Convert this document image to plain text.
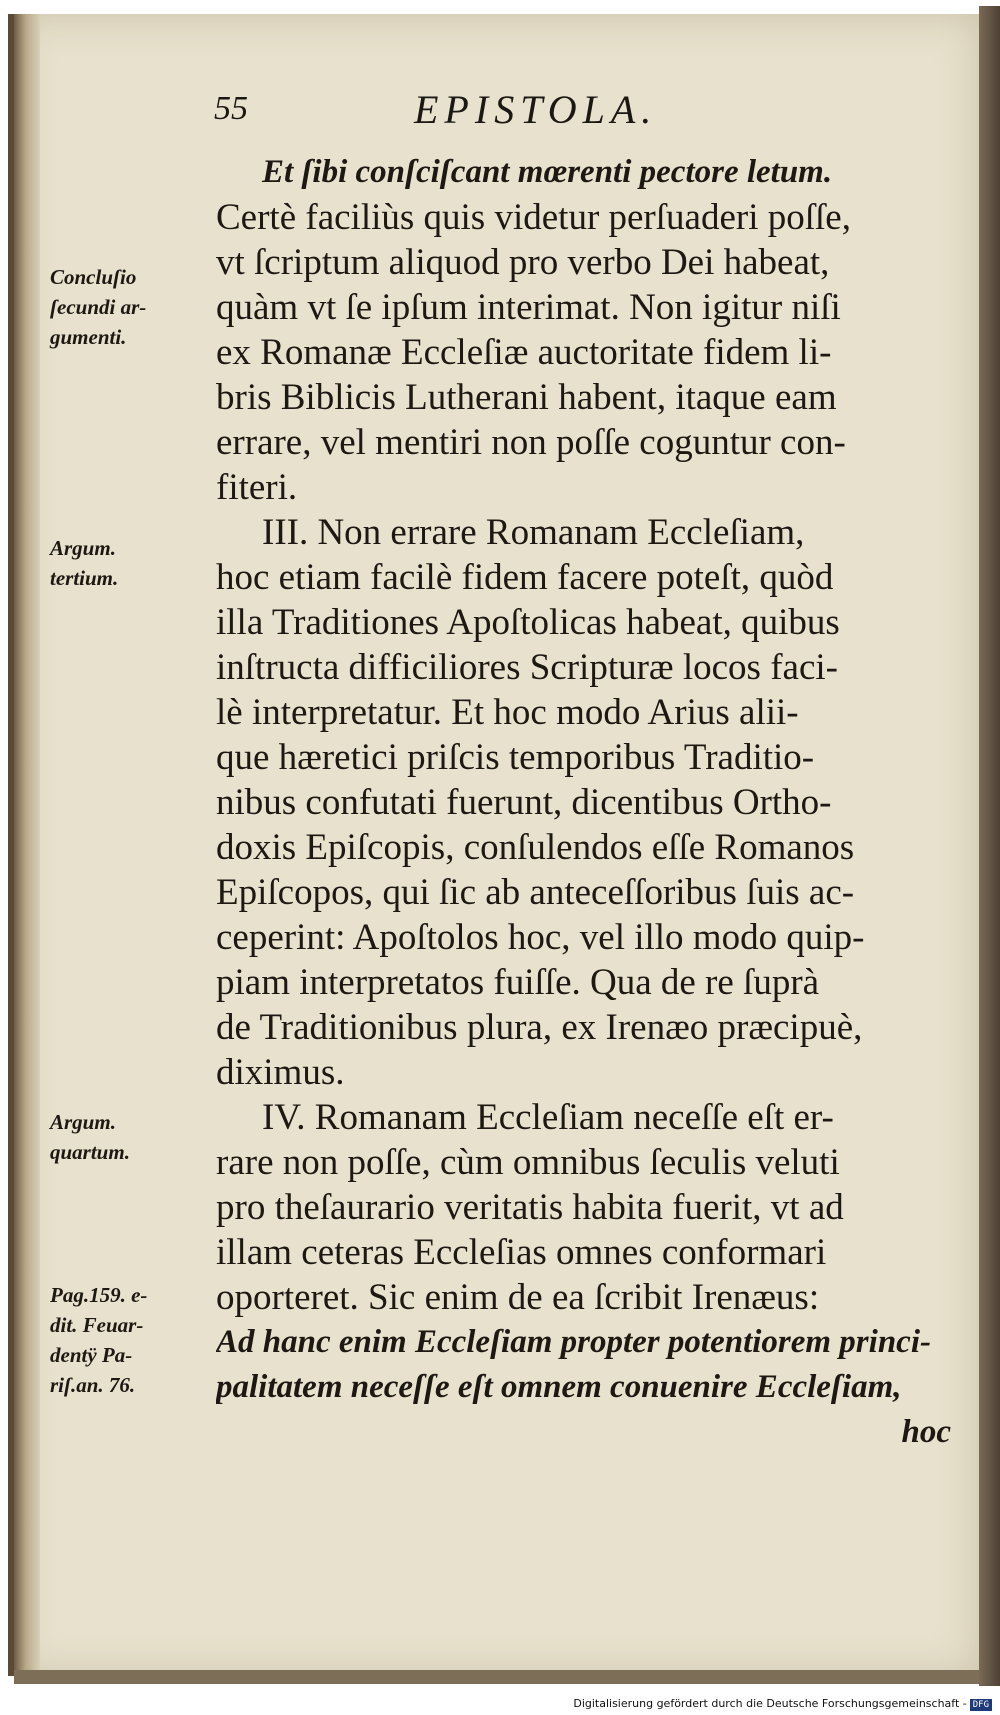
55	EPISTOLA.
Concluſio
ſecundi ar-
gumenti.
Argum.
tertium.
Argum.
quartum.
Pag.159. e-
dit. Feuar-
dentÿ Pa-
riſ.an. 76.
Et ſibi conſciſcant mœrenti pectore letum.
Certè faciliùs quis videtur perſuaderi poſſe,
vt ſcriptum aliquod pro verbo Dei habeat,
quàm vt ſe ipſum interimat. Non igitur niſi
ex Romanæ Eccleſiæ auctoritate fidem li-
bris Biblicis Lutherani habent, itaque eam
errare, vel mentiri non poſſe coguntur con-
fiteri.
III. Non errare Romanam Eccleſiam,
hoc etiam facilè fidem facere poteſt, quòd
illa Traditiones Apoſtolicas habeat, quibus
inſtructa difficiliores Scripturæ locos faci-
lè interpretatur. Et hoc modo Arius alii-
que hæretici priſcis temporibus Traditio-
nibus confutati fuerunt, dicentibus Ortho-
doxis Epiſcopis, conſulendos eſſe Romanos
Epiſcopos, qui ſic ab anteceſſoribus ſuis ac-
ceperint: Apoſtolos hoc, vel illo modo quip-
piam interpretatos fuiſſe. Qua de re ſuprà
de Traditionibus plura, ex Irenæo præcipuè,
diximus.
IV. Romanam Eccleſiam neceſſe eſt er-
rare non poſſe, cùm omnibus ſeculis veluti
pro theſaurario veritatis habita fuerit, vt ad
illam ceteras Eccleſias omnes conformari
oporteret. Sic enim de ea ſcribit Irenæus:
Ad hanc enim Eccleſiam propter potentiorem princi-
palitatem neceſſe eſt omnem conuenire Eccleſiam,
hoc
Digitalisierung gefördert durch die Deutsche Forschungsgemeinschaft - DFG
